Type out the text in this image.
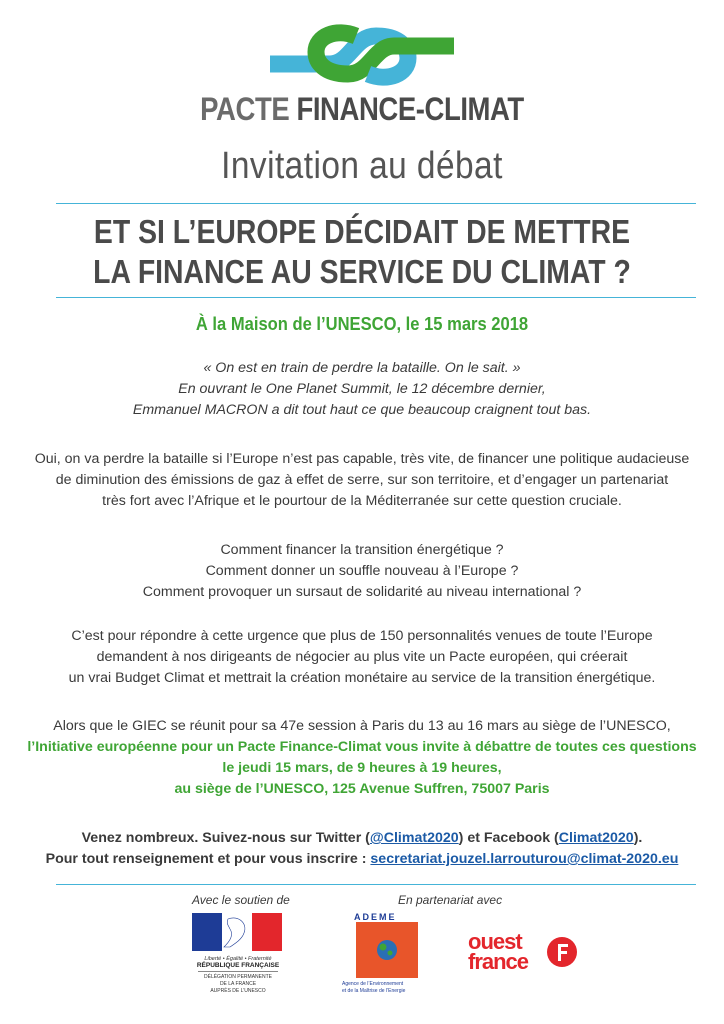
PACTE FINANCE-CLIMAT
Invitation au débat
ET SI L’EUROPE DÉCIDAIT DE METTRE
LA FINANCE AU SERVICE DU CLIMAT ?
À la Maison de l’UNESCO, le 15 mars 2018

« On est en train de perdre la bataille. On le sait. »

En ouvrant le One Planet Summit, le 12 décembre dernier,

Emmanuel MACRON a dit tout haut ce que beaucoup craignent tout bas.

Oui, on va perdre la bataille si l’Europe n’est pas capable, très vite, de financer une politique audacieuse

de diminution des émissions de gaz à effet de serre, sur son territoire, et d’engager un partenariat

très fort avec l’Afrique et le pourtour de la Méditerranée sur cette question cruciale.

Comment financer la transition énergétique ?

Comment donner un souffle nouveau à l’Europe ?

Comment provoquer un sursaut de solidarité au niveau international ?

C’est pour répondre à cette urgence que plus de 150 personnalités venues de toute l’Europe

demandent à nos dirigeants de négocier au plus vite un Pacte européen, qui créerait

un vrai Budget Climat et mettrait la création monétaire au service de la transition énergétique.

Alors que le GIEC se réunit pour sa 47e session à Paris du 13 au 16 mars au siège de l’UNESCO,

l’Initiative européenne pour un Pacte Finance-Climat vous invite à débattre de toutes ces questions

le jeudi 15 mars, de 9 heures à 19 heures,

au siège de l’UNESCO, 125 Avenue Suffren, 75007 Paris

Venez nombreux. Suivez-nous sur Twitter (@Climat2020) et Facebook (Climat2020).

Pour tout renseignement et pour vous inscrire : secretariat.jouzel.larrouturou@climat-2020.eu

Avec le soutien de	En partenariat avec
Liberté • Égalité • Fraternité
RÉPUBLIQUE FRANÇAISE
DÉLÉGATION PERMANENTE
DE LA FRANCE
AUPRÈS DE L’UNESCO
ADEME
Agence de l’Environnement
et de la Maîtrise de l’Energie
ouest
france
